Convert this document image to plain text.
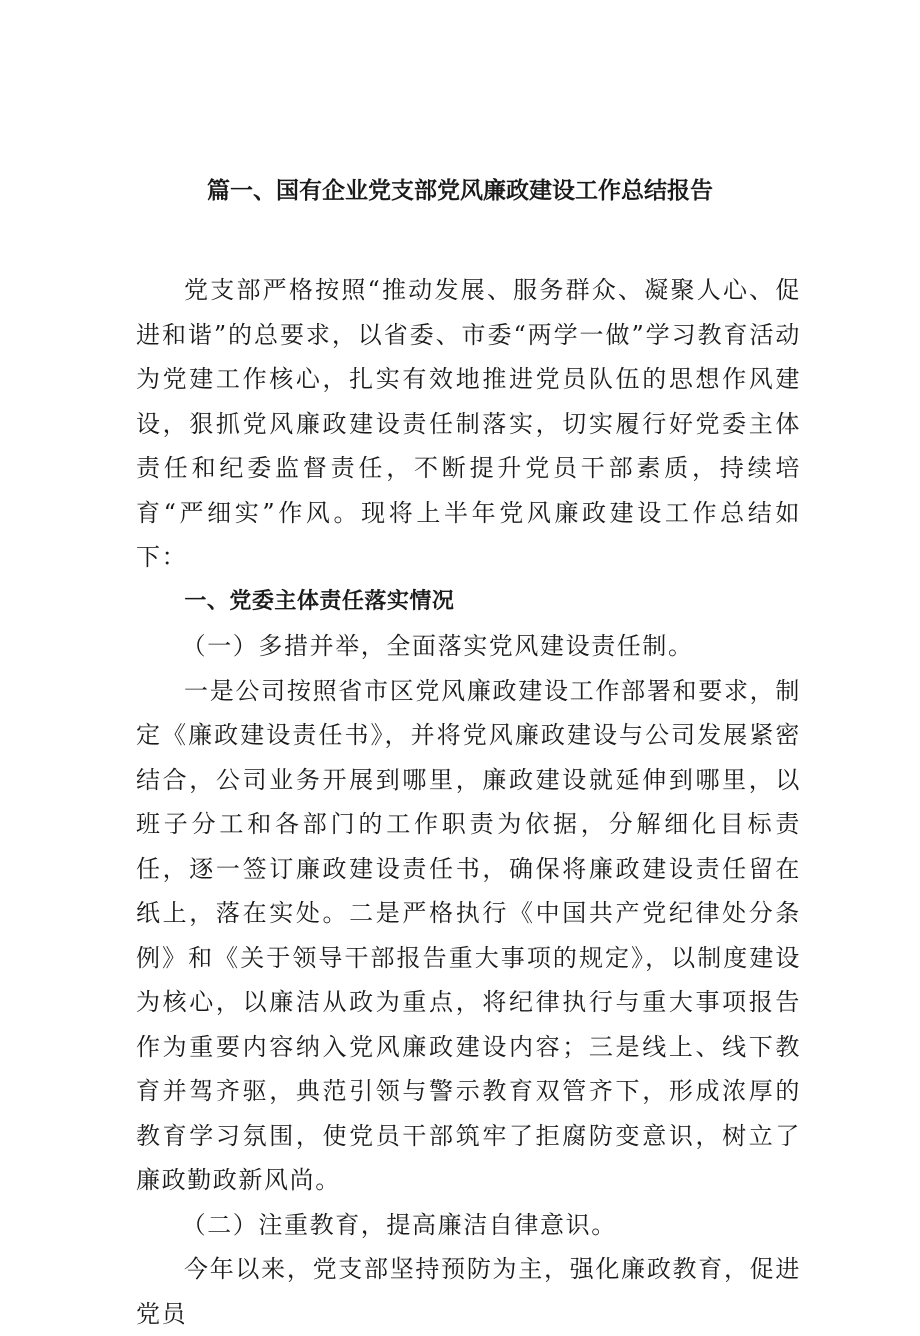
篇一、国有企业党支部党风廉政建设工作总结报告

党支部严格按照“推动发展、服务群众、凝聚人心、促进和谐”的总要求，以省委、市委“两学一做”学习教育活动为党建工作核心，扎实有效地推进党员队伍的思想作风建设，狠抓党风廉政建设责任制落实，切实履行好党委主体责任和纪委监督责任，不断提升党员干部素质，持续培育“严细实”作风。现将上半年党风廉政建设工作总结如下：

一、党委主体责任落实情况

（一）多措并举，全面落实党风建设责任制。

一是公司按照省市区党风廉政建设工作部署和要求，制定《廉政建设责任书》，并将党风廉政建设与公司发展紧密结合，公司业务开展到哪里，廉政建设就延伸到哪里，以班子分工和各部门的工作职责为依据，分解细化目标责任，逐一签订廉政建设责任书，确保将廉政建设责任留在纸上，落在实处。二是严格执行《中国共产党纪律处分条例》和《关于领导干部报告重大事项的规定》，以制度建设为核心，以廉洁从政为重点，将纪律执行与重大事项报告作为重要内容纳入党风廉政建设内容；三是线上、线下教育并驾齐驱，典范引领与警示教育双管齐下，形成浓厚的教育学习氛围，使党员干部筑牢了拒腐防变意识，树立了廉政勤政新风尚。

（二）注重教育，提高廉洁自律意识。

今年以来，党支部坚持预防为主，强化廉政教育，促进党员
